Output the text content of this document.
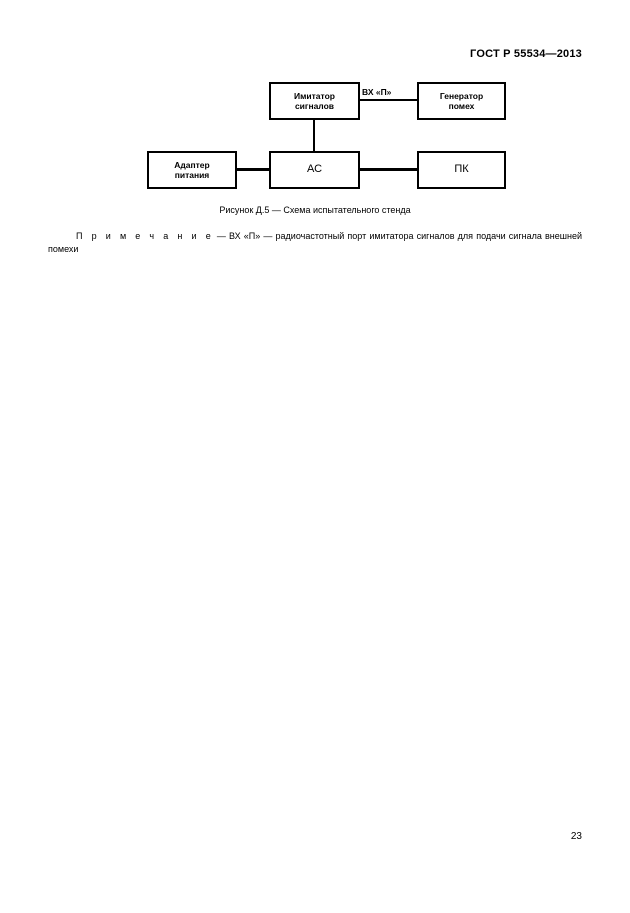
ГОСТ Р 55534—2013
Имитатор
сигналов
Генератор
помех
Адаптер
питания	АС	ПК
ВХ «П»
Рисунок Д.5 — Схема испытательного стенда
П р и м е ч а н и е — ВХ «П» — радиочастотный порт имитатора сигналов для подачи сигнала внешней помехи
23
